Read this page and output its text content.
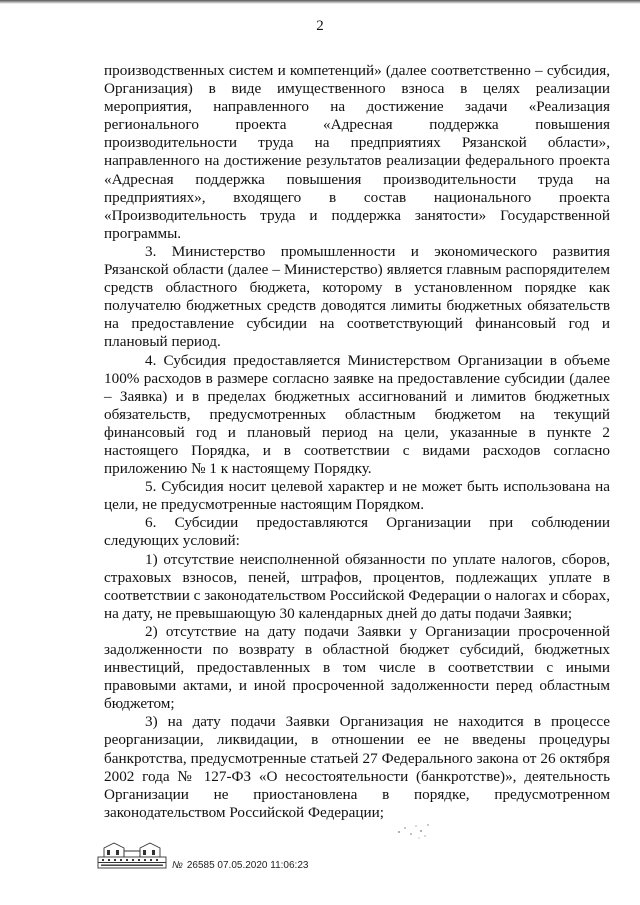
2

производственных систем и компетенций» (далее соответственно – субсидия, Организация) в виде имущественного взноса в целях реализации мероприятия, направленного на достижение задачи «Реализация регионального проекта «Адресная поддержка повышения производительности труда на предприятиях Рязанской области», направленного на достижение результатов реализации федерального проекта «Адресная поддержка повышения производительности труда на предприятиях», входящего в состав национального проекта «Производительность труда и поддержка занятости» Государственной программы.

3. Министерство промышленности и экономического развития Рязанской области (далее – Министерство) является главным распорядителем средств областного бюджета, которому в установленном порядке как получателю бюджетных средств доводятся лимиты бюджетных обязательств на предоставление субсидии на соответствующий финансовый год и плановый период.

4. Субсидия предоставляется Министерством Организации в объеме 100% расходов в размере согласно заявке на предоставление субсидии (далее – Заявка) и в пределах бюджетных ассигнований и лимитов бюджетных обязательств, предусмотренных областным бюджетом на текущий финансовый год и плановый период на цели, указанные в пункте 2 настоящего Порядка, и в соответствии с видами расходов согласно приложению № 1 к настоящему Порядку.

5. Субсидия носит целевой характер и не может быть использована на цели, не предусмотренные настоящим Порядком.

6. Субсидии предоставляются Организации при соблюдении следующих условий:

1) отсутствие неисполненной обязанности по уплате налогов, сборов, страховых взносов, пеней, штрафов, процентов, подлежащих уплате в соответствии с законодательством Российской Федерации о налогах и сборах, на дату, не превышающую 30 календарных дней до даты подачи Заявки;

2) отсутствие на дату подачи Заявки у Организации просроченной задолженности по возврату в областной бюджет субсидий, бюджетных инвестиций, предоставленных в том числе в соответствии с иными правовыми актами, и иной просроченной задолженности перед областным бюджетом;

3) на дату подачи Заявки Организация не находится в процессе реорганизации, ликвидации, в отношении ее не введены процедуры банкротства, предусмотренные статьей 27 Федерального закона от 26 октября 2002 года № 127-ФЗ «О несостоятельности (банкротстве)», деятельность Организации не приостановлена в порядке, предусмотренном законодательством Российской Федерации;

№ 26585 07.05.2020 11:06:23
